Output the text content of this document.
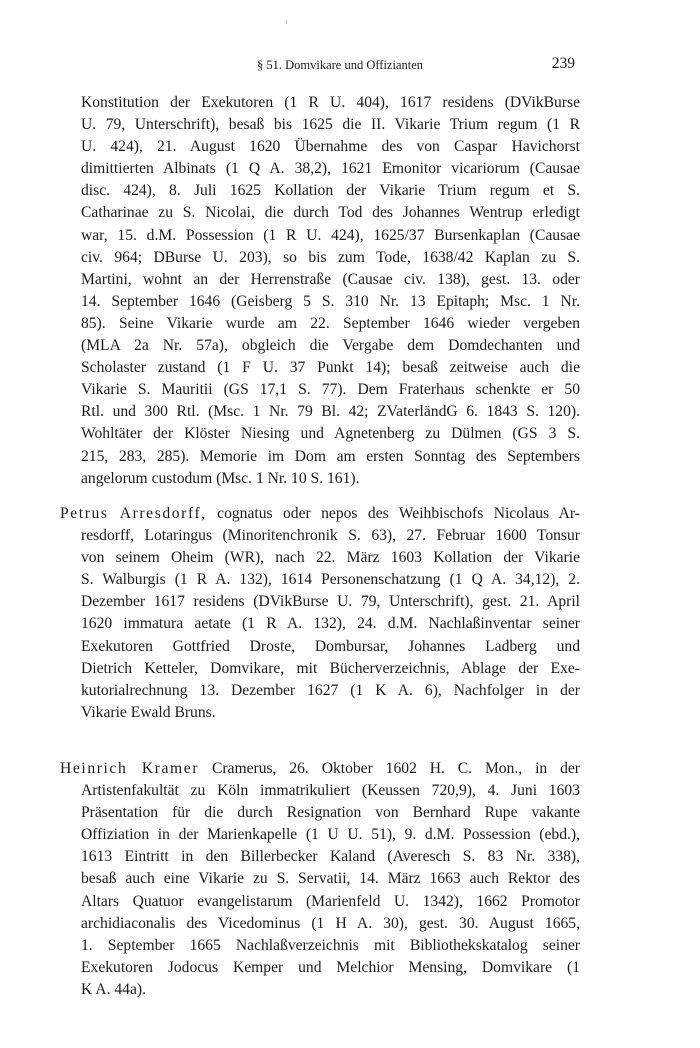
§ 51. Domvikare und Offizianten	239
Konstitution der Exekutoren (1 R U. 404), 1617 residens (DVikBurse
U. 79, Unterschrift), besaß bis 1625 die II. Vikarie Trium regum (1 R
U. 424), 21. August 1620 Übernahme des von Caspar Havichorst
dimittierten Albinats (1 Q A. 38,2), 1621 Emonitor vicariorum (Causae
disc. 424), 8. Juli 1625 Kollation der Vikarie Trium regum et S.
Catharinae zu S. Nicolai, die durch Tod des Johannes Wentrup erledigt
war, 15. d.M. Possession (1 R U. 424), 1625/37 Bursenkaplan (Causae
civ. 964; DBurse U. 203), so bis zum Tode, 1638/42 Kaplan zu S.
Martini, wohnt an der Herrenstraße (Causae civ. 138), gest. 13. oder
14. September 1646 (Geisberg 5 S. 310 Nr. 13 Epitaph; Msc. 1 Nr.
85). Seine Vikarie wurde am 22. September 1646 wieder vergeben
(MLA 2a Nr. 57a), obgleich die Vergabe dem Domdechanten und
Scholaster zustand (1 F U. 37 Punkt 14); besaß zeitweise auch die
Vikarie S. Mauritii (GS 17,1 S. 77). Dem Fraterhaus schenkte er 50
Rtl. und 300 Rtl. (Msc. 1 Nr. 79 Bl. 42; ZVaterländG 6. 1843 S. 120).
Wohltäter der Klöster Niesing und Agnetenberg zu Dülmen (GS 3 S.
215, 283, 285). Memorie im Dom am ersten Sonntag des Septembers
angelorum custodum (Msc. 1 Nr. 10 S. 161).
Petrus Arresdorff, cognatus oder nepos des Weihbischofs Nicolaus Ar-
resdorff, Lotaringus (Minoritenchronik S. 63), 27. Februar 1600 Tonsur
von seinem Oheim (WR), nach 22. März 1603 Kollation der Vikarie
S. Walburgis (1 R A. 132), 1614 Personenschatzung (1 Q A. 34,12), 2.
Dezember 1617 residens (DVikBurse U. 79, Unterschrift), gest. 21. April
1620 immatura aetate (1 R A. 132), 24. d.M. Nachlaßinventar seiner
Exekutoren Gottfried Droste, Dombursar, Johannes Ladberg und
Dietrich Ketteler, Domvikare, mit Bücherverzeichnis, Ablage der Exe-
kutorialrechnung 13. Dezember 1627 (1 K A. 6), Nachfolger in der
Vikarie Ewald Bruns.
Heinrich Kramer Cramerus, 26. Oktober 1602 H. C. Mon., in der
Artistenfakultät zu Köln immatrikuliert (Keussen 720,9), 4. Juni 1603
Präsentation für die durch Resignation von Bernhard Rupe vakante
Offiziation in der Marienkapelle (1 U U. 51), 9. d.M. Possession (ebd.),
1613 Eintritt in den Billerbecker Kaland (Averesch S. 83 Nr. 338),
besaß auch eine Vikarie zu S. Servatii, 14. März 1663 auch Rektor des
Altars Quatuor evangelistarum (Marienfeld U. 1342), 1662 Promotor
archidiaconalis des Vicedominus (1 H A. 30), gest. 30. August 1665,
1. September 1665 Nachlaßverzeichnis mit Bibliothekskatalog seiner
Exekutoren Jodocus Kemper und Melchior Mensing, Domvikare (1
K A. 44a).
